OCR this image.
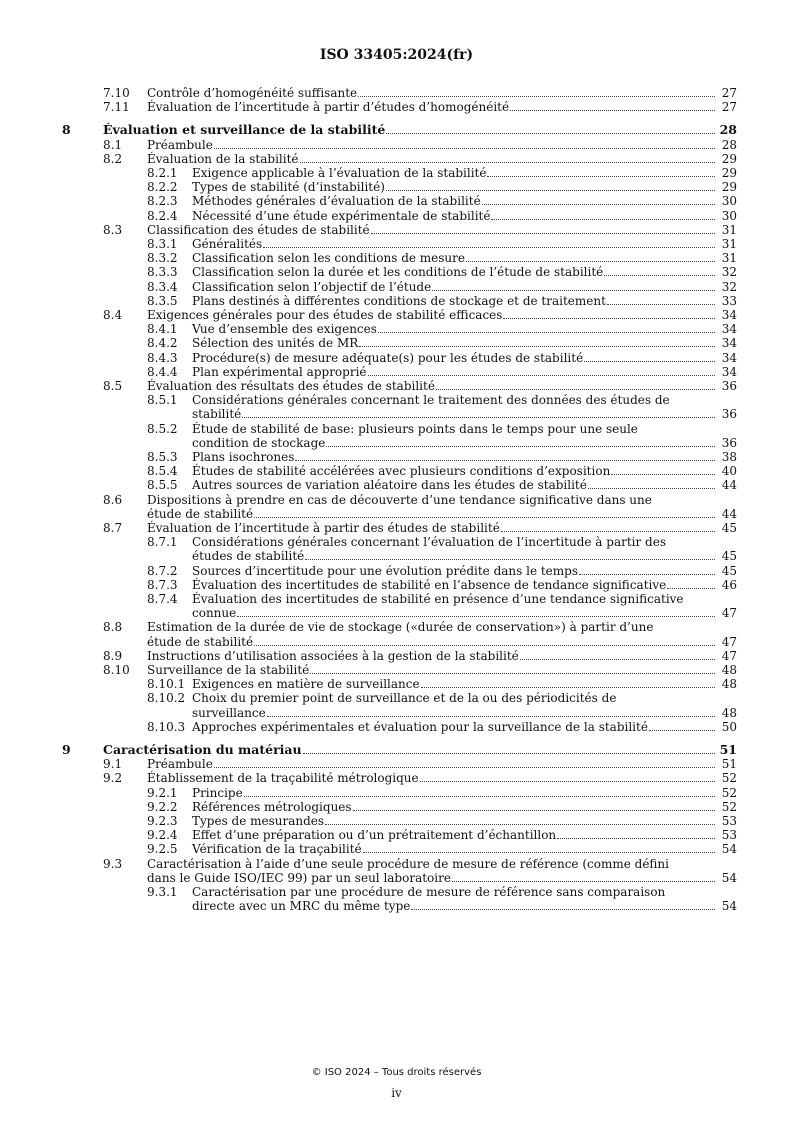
ISO 33405:2024(fr)
7.10 Contrôle d’homogénéité suffisante	27
7.11 Évaluation de l’incertitude à partir d’études d’homogénéité	27
8	Évaluation et surveillance de la stabilité	28
8.1 Préambule	28
8.2 Évaluation de la stabilité	29
8.2.1 Exigence applicable à l’évaluation de la stabilité	29
8.2.2 Types de stabilité (d’instabilité)	29
8.2.3 Méthodes générales d’évaluation de la stabilité	30
8.2.4 Nécessité d’une étude expérimentale de stabilité	30
8.3 Classification des études de stabilité	31
8.3.1 Généralités	31
8.3.2 Classification selon les conditions de mesure	31
8.3.3 Classification selon la durée et les conditions de l’étude de stabilité	32
8.3.4 Classification selon l’objectif de l’étude	32
8.3.5 Plans destinés à différentes conditions de stockage et de traitement	33
8.4 Exigences générales pour des études de stabilité efficaces	34
8.4.1 Vue d’ensemble des exigences	34
8.4.2 Sélection des unités de MR	34
8.4.3 Procédure(s) de mesure adéquate(s) pour les études de stabilité	34
8.4.4 Plan expérimental approprié	34
8.5 Évaluation des résultats des études de stabilité	36
8.5.1 Considérations générales concernant le traitement des données des études de
stabilité	36
8.5.2 Étude de stabilité de base: plusieurs points dans le temps pour une seule
condition de stockage	36
8.5.3 Plans isochrones	38
8.5.4 Études de stabilité accélérées avec plusieurs conditions d’exposition	40
8.5.5 Autres sources de variation aléatoire dans les études de stabilité	44
8.6 Dispositions à prendre en cas de découverte d’une tendance significative dans une
étude de stabilité	44
8.7 Évaluation de l’incertitude à partir des études de stabilité	45
8.7.1 Considérations générales concernant l’évaluation de l’incertitude à partir des
études de stabilité	45
8.7.2 Sources d’incertitude pour une évolution prédite dans le temps	45
8.7.3 Évaluation des incertitudes de stabilité en l’absence de tendance significative	46
8.7.4 Évaluation des incertitudes de stabilité en présence d’une tendance significative
connue	47
8.8 Estimation de la durée de vie de stockage («durée de conservation») à partir d’une
étude de stabilité	47
8.9 Instructions d’utilisation associées à la gestion de la stabilité	47
8.10 Surveillance de la stabilité	48
8.10.1 Exigences en matière de surveillance	48
8.10.2 Choix du premier point de surveillance et de la ou des périodicités de
surveillance	48
8.10.3 Approches expérimentales et évaluation pour la surveillance de la stabilité	50
9	Caractérisation du matériau	51
9.1 Préambule	51
9.2 Établissement de la traçabilité métrologique	52
9.2.1 Principe	52
9.2.2 Références métrologiques	52
9.2.3 Types de mesurandes	53
9.2.4 Effet d’une préparation ou d’un prétraitement d’échantillon	53
9.2.5 Vérification de la traçabilité	54
9.3 Caractérisation à l’aide d’une seule procédure de mesure de référence (comme défini
dans le Guide ISO/IEC 99) par un seul laboratoire	54
9.3.1 Caractérisation par une procédure de mesure de référence sans comparaison
directe avec un MRC du même type	54
© ISO 2024 – Tous droits réservés
iv
